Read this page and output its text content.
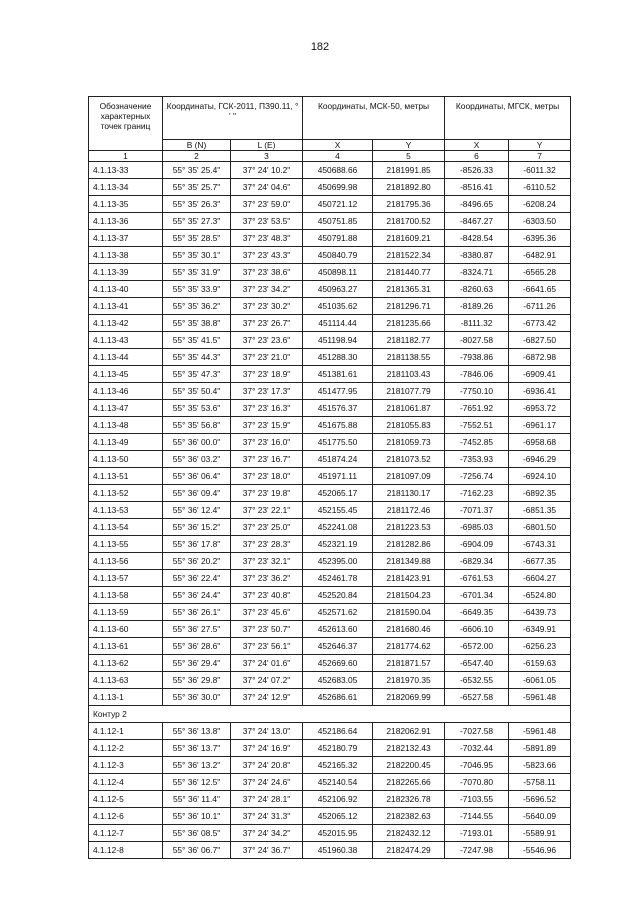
182
Обозначение характерных точек границ	Координаты, ГСК-2011, ПЗ90.11, ° ' "		Координаты, МСК-50, метры		Координаты, МГСК, метры	
	B (N)	L (E)	X	Y	X	Y
1	2	3	4	5	6	7
4.1.13-33	55° 35' 25.4"	37° 24' 10.2"	450688.66	2181991.85	-8526.33	-6011.32
4.1.13-34	55° 35' 25.7"	37° 24' 04.6"	450699.98	2181892.80	-8516.41	-6110.52
4.1.13-35	55° 35' 26.3"	37° 23' 59.0"	450721.12	2181795.36	-8496.65	-6208.24
4.1.13-36	55° 35' 27.3"	37° 23' 53.5"	450751.85	2181700.52	-8467.27	-6303.50
4.1.13-37	55° 35' 28.5"	37° 23' 48.3"	450791.88	2181609.21	-8428.54	-6395.36
4.1.13-38	55° 35' 30.1"	37° 23' 43.3"	450840.79	2181522.34	-8380.87	-6482.91
4.1.13-39	55° 35' 31.9"	37° 23' 38.6"	450898.11	2181440.77	-8324.71	-6565.28
4.1.13-40	55° 35' 33.9"	37° 23' 34.2"	450963.27	2181365.31	-8260.63	-6641.65
4.1.13-41	55° 35' 36.2"	37° 23' 30.2"	451035.62	2181296.71	-8189.26	-6711.26
4.1.13-42	55° 35' 38.8"	37° 23' 26.7"	451114.44	2181235.66	-8111.32	-6773.42
4.1.13-43	55° 35' 41.5"	37° 23' 23.6"	451198.94	2181182.77	-8027.58	-6827.50
4.1.13-44	55° 35' 44.3"	37° 23' 21.0"	451288.30	2181138.55	-7938.86	-6872.98
4.1.13-45	55° 35' 47.3"	37° 23' 18.9"	451381.61	2181103.43	-7846.06	-6909.41
4.1.13-46	55° 35' 50.4"	37° 23' 17.3"	451477.95	2181077.79	-7750.10	-6936.41
4.1.13-47	55° 35' 53.6"	37° 23' 16.3"	451576.37	2181061.87	-7651.92	-6953.72
4.1.13-48	55° 35' 56.8"	37° 23' 15.9"	451675.88	2181055.83	-7552.51	-6961.17
4.1.13-49	55° 36' 00.0"	37° 23' 16.0"	451775.50	2181059.73	-7452.85	-6958.68
4.1.13-50	55° 36' 03.2"	37° 23' 16.7"	451874.24	2181073.52	-7353.93	-6946.29
4.1.13-51	55° 36' 06.4"	37° 23' 18.0"	451971.11	2181097.09	-7256.74	-6924.10
4.1.13-52	55° 36' 09.4"	37° 23' 19.8"	452065.17	2181130.17	-7162.23	-6892.35
4.1.13-53	55° 36' 12.4"	37° 23' 22.1"	452155.45	2181172.46	-7071.37	-6851.35
4.1.13-54	55° 36' 15.2"	37° 23' 25.0"	452241.08	2181223.53	-6985.03	-6801.50
4.1.13-55	55° 36' 17.8"	37° 23' 28.3"	452321.19	2181282.86	-6904.09	-6743.31
4.1.13-56	55° 36' 20.2"	37° 23' 32.1"	452395.00	2181349.88	-6829.34	-6677.35
4.1.13-57	55° 36' 22.4"	37° 23' 36.2"	452461.78	2181423.91	-6761.53	-6604.27
4.1.13-58	55° 36' 24.4"	37° 23' 40.8"	452520.84	2181504.23	-6701.34	-6524.80
4.1.13-59	55° 36' 26.1"	37° 23' 45.6"	452571.62	2181590.04	-6649.35	-6439.73
4.1.13-60	55° 36' 27.5"	37° 23' 50.7"	452613.60	2181680.46	-6606.10	-6349.91
4.1.13-61	55° 36' 28.6"	37° 23' 56.1"	452646.37	2181774.62	-6572.00	-6256.23
4.1.13-62	55° 36' 29.4"	37° 24' 01.6"	452669.60	2181871.57	-6547.40	-6159.63
4.1.13-63	55° 36' 29.8"	37° 24' 07.2"	452683.05	2181970.35	-6532.55	-6061.05
4.1.13-1	55° 36' 30.0"	37° 24' 12.9"	452686.61	2182069.99	-6527.58	-5961.48
Контур 2						
4.1.12-1	55° 36' 13.8"	37° 24' 13.0"	452186.64	2182062.91	-7027.58	-5961.48
4.1.12-2	55° 36' 13.7"	37° 24' 16.9"	452180.79	2182132.43	-7032.44	-5891.89
4.1.12-3	55° 36' 13.2"	37° 24' 20.8"	452165.32	2182200.45	-7046.95	-5823.66
4.1.12-4	55° 36' 12.5"	37° 24' 24.6"	452140.54	2182265.66	-7070.80	-5758.11
4.1.12-5	55° 36' 11.4"	37° 24' 28.1"	452106.92	2182326.78	-7103.55	-5696.52
4.1.12-6	55° 36' 10.1"	37° 24' 31.3"	452065.12	2182382.63	-7144.55	-5640.09
4.1.12-7	55° 36' 08.5"	37° 24' 34.2"	452015.95	2182432.12	-7193.01	-5589.91
4.1.12-8	55° 36' 06.7"	37° 24' 36.7"	451960.38	2182474.29	-7247.98	-5546.96
